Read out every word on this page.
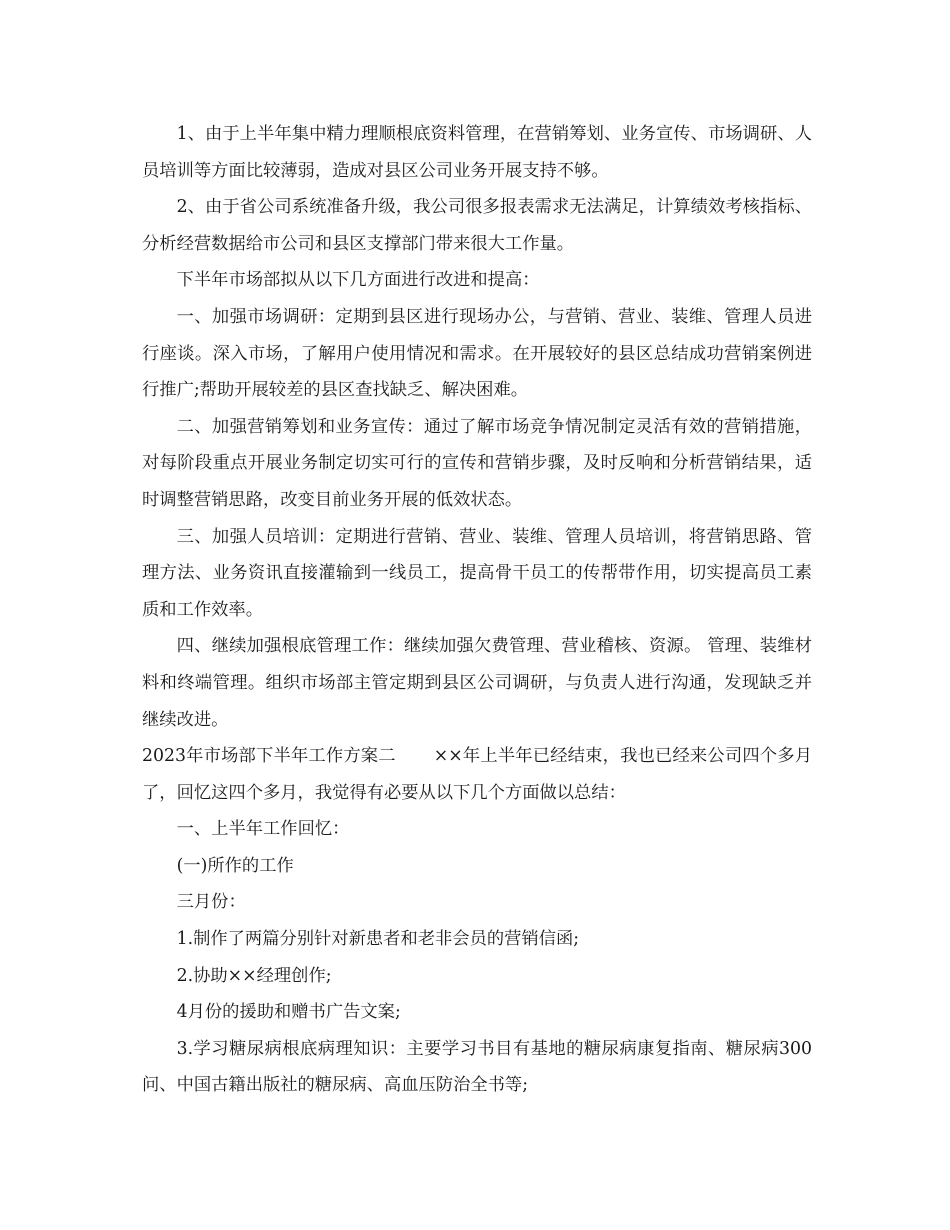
1、由于上半年集中精力理顺根底资料管理，在营销筹划、业务宣传、市场调研、人员培训等方面比较薄弱，造成对县区公司业务开展支持不够。

2、由于省公司系统准备升级，我公司很多报表需求无法满足，计算绩效考核指标、分析经营数据给市公司和县区支撑部门带来很大工作量。

下半年市场部拟从以下几方面进行改进和提高：

一、加强市场调研：定期到县区进行现场办公，与营销、营业、装维、管理人员进行座谈。深入市场，了解用户使用情况和需求。在开展较好的县区总结成功营销案例进行推广;帮助开展较差的县区查找缺乏、解决困难。

二、加强营销筹划和业务宣传：通过了解市场竞争情况制定灵活有效的营销措施，对每阶段重点开展业务制定切实可行的宣传和营销步骤，及时反响和分析营销结果，适时调整营销思路，改变目前业务开展的低效状态。

三、加强人员培训：定期进行营销、营业、装维、管理人员培训，将营销思路、管理方法、业务资讯直接灌输到一线员工，提高骨干员工的传帮带作用，切实提高员工素质和工作效率。

四、继续加强根底管理工作：继续加强欠费管理、营业稽核、资源。 管理、装维材料和终端管理。组织市场部主管定期到县区公司调研，与负责人进行沟通，发现缺乏并继续改进。

2023年市场部下半年工作方案二 ××年上半年已经结束，我也已经来公司四个多月了，回忆这四个多月，我觉得有必要从以下几个方面做以总结：

一、上半年工作回忆：

(一)所作的工作

三月份：

1.制作了两篇分别针对新患者和老非会员的营销信函;

2.协助××经理创作;

4月份的援助和赠书广告文案;

3.学习糖尿病根底病理知识：主要学习书目有基地的糖尿病康复指南、糖尿病300问、中国古籍出版社的糖尿病、高血压防治全书等;
